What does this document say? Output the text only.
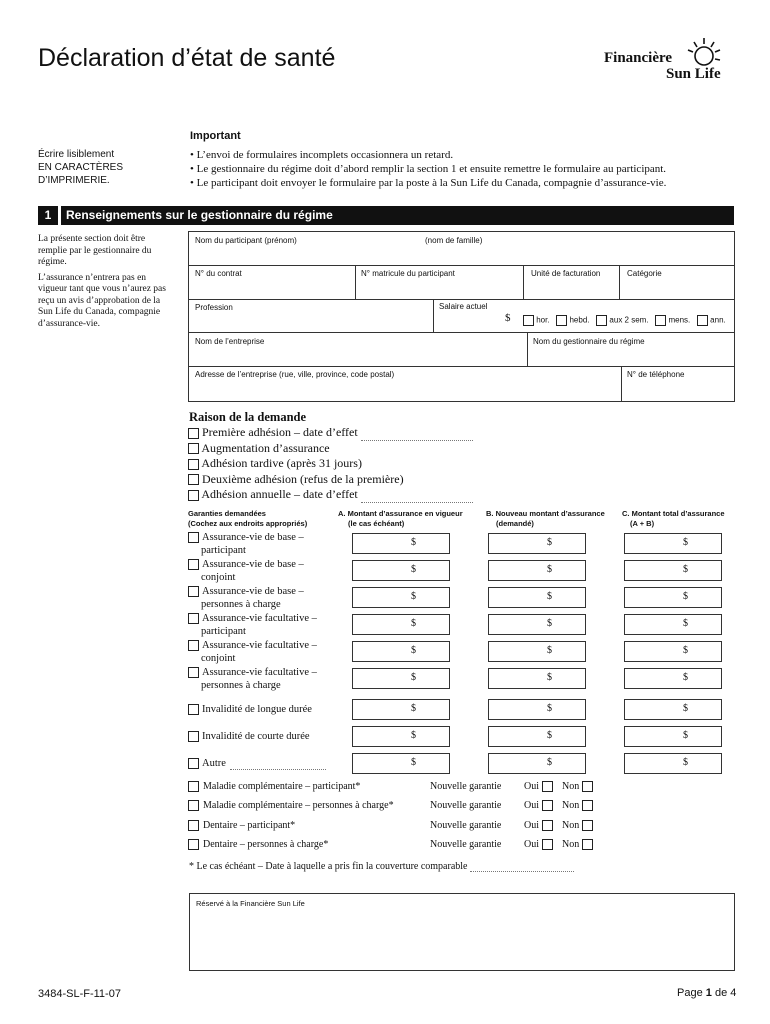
Déclaration d’état de santé	Financière
Sun Life
Écrire lisiblement
EN CARACTÈRES
D’IMPRIMERIE.
Important
• L’envoi de formulaires incomplets occasionnera un retard.
• Le gestionnaire du régime doit d’abord remplir la section 1 et ensuite remettre le formulaire au participant.
• Le participant doit envoyer le formulaire par la poste à la Sun Life du Canada, compagnie d’assurance-vie.
1	Renseignements sur le gestionnaire du régime
La présente section doit être remplie par le gestionnaire du régime.
L’assurance n’entrera pas en vigueur tant que vous n’aurez pas reçu un avis d’approbation de la Sun Life du Canada, compagnie d’assurance-vie.
Nom du participant (prénom)	(nom de famille)
N° du contrat	N° matricule du participant	Unité de facturation	Catégorie
Profession	Salaire actuel
$	hor. hebd. aux 2 sem. mens. ann.
Nom de l’entreprise	Nom du gestionnaire du régime
Adresse de l’entreprise (rue, ville, province, code postal)	N° de téléphone
Raison de la demande
Première adhésion – date d’effet
Augmentation d’assurance
Adhésion tardive (après 31 jours)
Deuxième adhésion (refus de la première)
Adhésion annuelle – date d’effet
Garanties demandées
(Cochez aux endroits appropriés)
A. Montant d’assurance en vigueur
(le cas échéant)
B. Nouveau montant d’assurance
(demandé)
C. Montant total d’assurance
(A + B)
Assurance-vie de base –
participant
$	$	$
Assurance-vie de base –
conjoint
$	$	$
Assurance-vie de base –
personnes à charge
$	$	$
Assurance-vie facultative –
participant
$	$	$
Assurance-vie facultative –
conjoint
$	$	$
Assurance-vie facultative –
personnes à charge
$	$	$
Invalidité de longue durée	$	$	$
Invalidité de courte durée	$	$	$
Autre	$	$	$
Maladie complémentaire – participant*	Nouvelle garantie Oui	Non
Maladie complémentaire – personnes à charge*	Nouvelle garantie Oui	Non
Dentaire – participant*	Nouvelle garantie Oui	Non
Dentaire – personnes à charge*	Nouvelle garantie Oui	Non
* Le cas échéant – Date à laquelle a pris fin la couverture comparable
Réservé à la Financière Sun Life
3484-SL-F-11-07	Page 1 de 4
